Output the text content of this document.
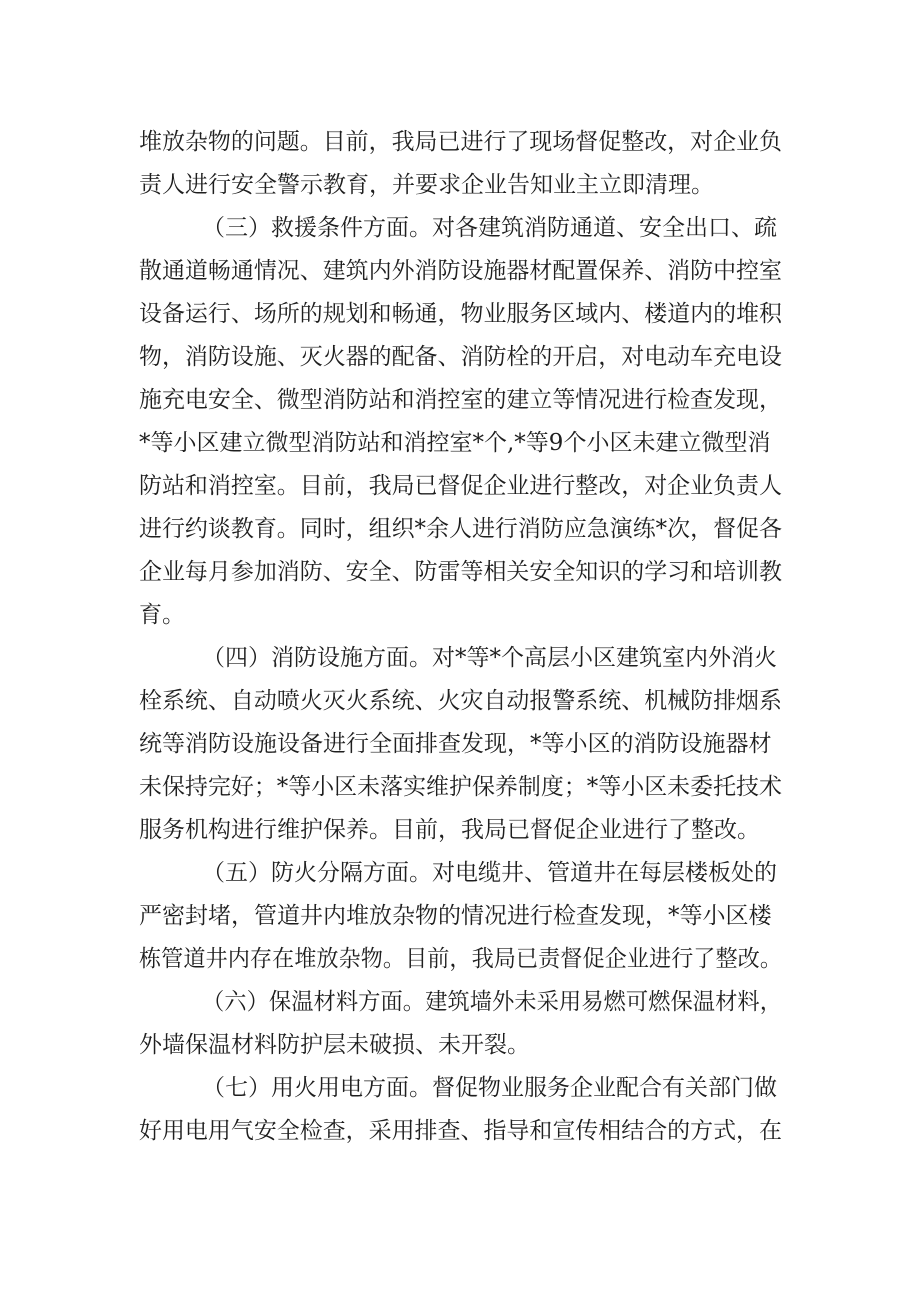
堆放杂物的问题。目前，我局已进行了现场督促整改，对企业负
责人进行安全警示教育，并要求企业告知业主立即清理。
（三）救援条件方面。对各建筑消防通道、安全出口、疏
散通道畅通情况、建筑内外消防设施器材配置保养、消防中控室
设备运行、场所的规划和畅通，物业服务区域内、楼道内的堆积
物，消防设施、灭火器的配备、消防栓的开启，对电动车充电设
施充电安全、微型消防站和消控室的建立等情况进行检查发现，
*等小区建立微型消防站和消控室*个,*等9个小区未建立微型消
防站和消控室。目前，我局已督促企业进行整改，对企业负责人
进行约谈教育。同时，组织*余人进行消防应急演练*次，督促各
企业每月参加消防、安全、防雷等相关安全知识的学习和培训教
育。
（四）消防设施方面。对*等*个高层小区建筑室内外消火
栓系统、自动喷火灭火系统、火灾自动报警系统、机械防排烟系
统等消防设施设备进行全面排查发现，*等小区的消防设施器材
未保持完好；*等小区未落实维护保养制度；*等小区未委托技术
服务机构进行维护保养。目前，我局已督促企业进行了整改。
（五）防火分隔方面。对电缆井、管道井在每层楼板处的
严密封堵，管道井内堆放杂物的情况进行检查发现，*等小区楼
栋管道井内存在堆放杂物。目前，我局已责督促企业进行了整改。
（六）保温材料方面。建筑墙外未采用易燃可燃保温材料，
外墙保温材料防护层未破损、未开裂。
（七）用火用电方面。督促物业服务企业配合有关部门做
好用电用气安全检查，采用排查、指导和宣传相结合的方式，在
